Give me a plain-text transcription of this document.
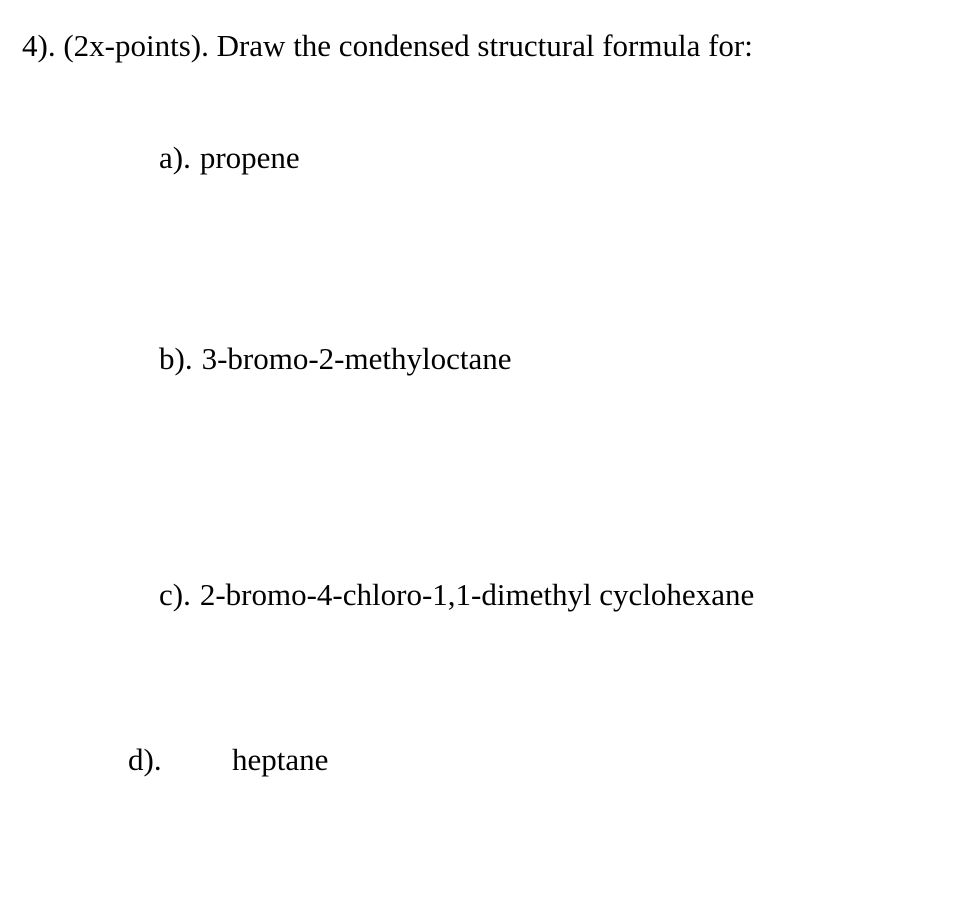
4). (2x-points). Draw the condensed structural formula for:

a). propene

b). 3-bromo-2-methyloctane

c). 2-bromo-4-chloro-1,1-dimethyl cyclohexane

d). heptane
